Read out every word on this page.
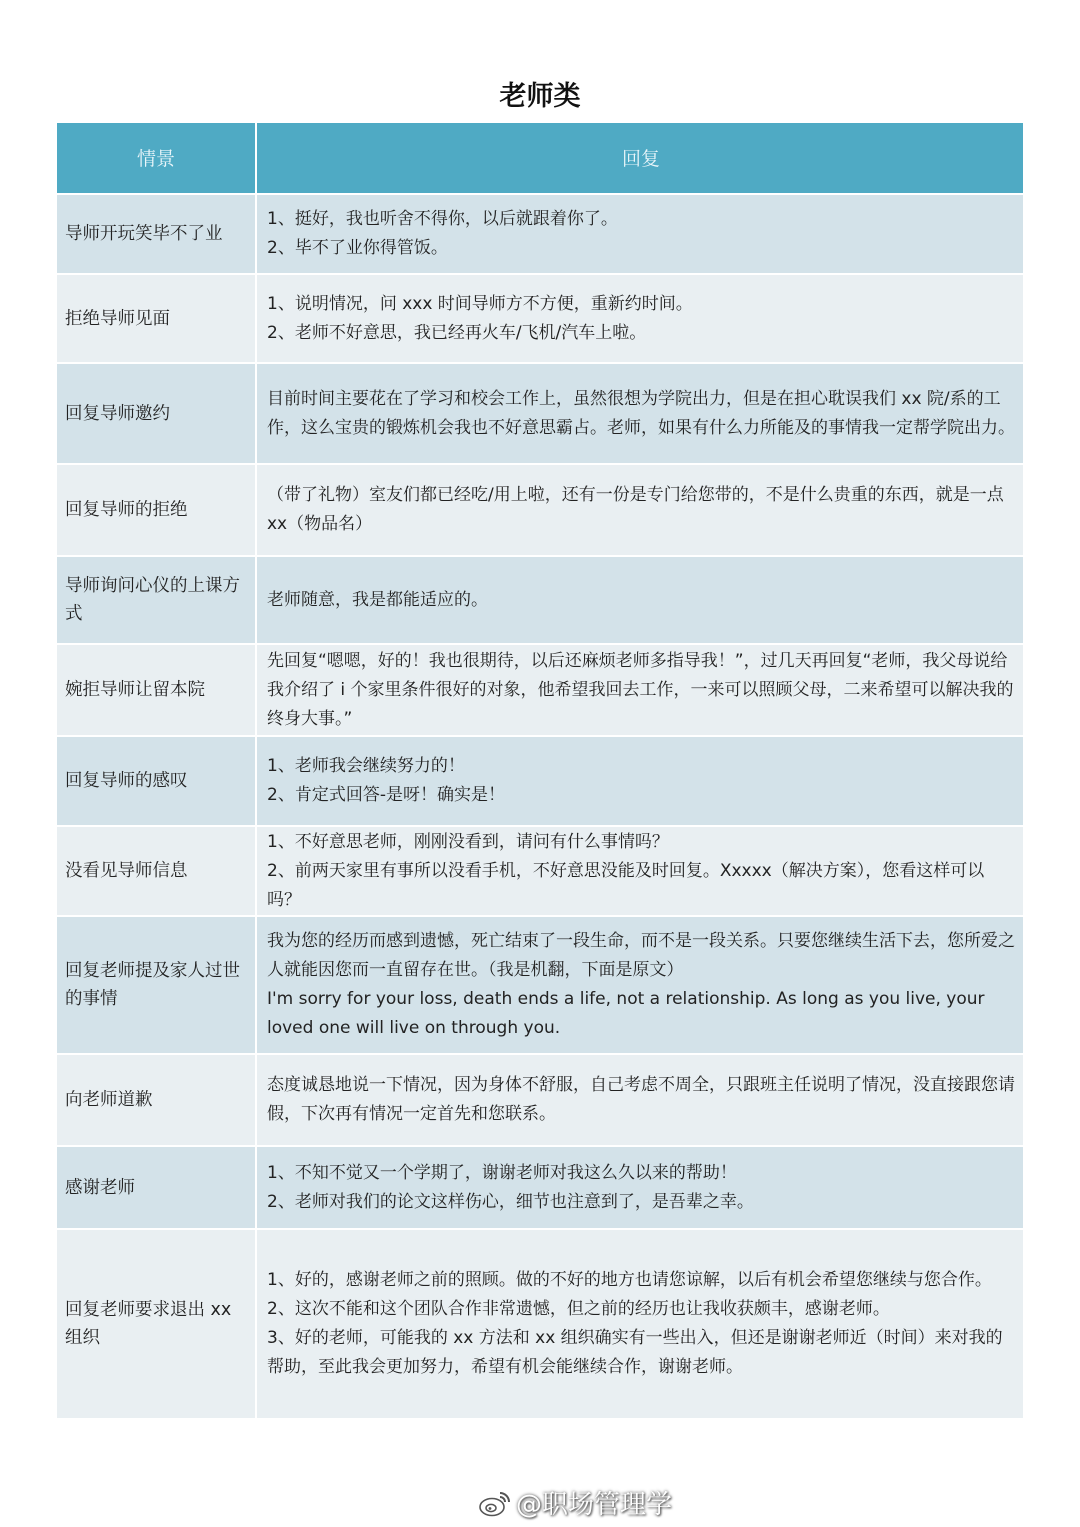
老师类
情景	回复
导师开玩笑毕不了业
1、挺好，我也听舍不得你，以后就跟着你了。
2、毕不了业你得管饭。
拒绝导师见面
1、说明情况，问 xxx 时间导师方不方便，重新约时间。
2、老师不好意思，我已经再火车/飞机/汽车上啦。
回复导师邀约
目前时间主要花在了学习和校会工作上，虽然很想为学院出力，但是在担心耽误我们 xx 院/系的工作，这么宝贵的锻炼机会我也不好意思霸占。老师，如果有什么力所能及的事情我一定帮学院出力。
回复导师的拒绝
（带了礼物）室友们都已经吃/用上啦，还有一份是专门给您带的，不是什么贵重的东西，就是一点 xx（物品名）
导师询问心仪的上课方式
老师随意，我是都能适应的。
婉拒导师让留本院
先回复“嗯嗯，好的！我也很期待，以后还麻烦老师多指导我！”，过几天再回复“老师，我父母说给我介绍了 i 个家里条件很好的对象，他希望我回去工作，一来可以照顾父母，二来希望可以解决我的终身大事。”
回复导师的感叹
1、老师我会继续努力的！
2、肯定式回答-是呀！确实是！
没看见导师信息
1、不好意思老师，刚刚没看到，请问有什么事情吗？
2、前两天家里有事所以没看手机，不好意思没能及时回复。Xxxxx（解决方案），您看这样可以吗？
回复老师提及家人过世的事情
我为您的经历而感到遗憾，死亡结束了一段生命，而不是一段关系。只要您继续生活下去，您所爱之人就能因您而一直留存在世。（我是机翻，下面是原文）
I'm sorry for your loss, death ends a life, not a relationship. As long as you live, your loved one will live on through you.
向老师道歉
态度诚恳地说一下情况，因为身体不舒服，自己考虑不周全，只跟班主任说明了情况，没直接跟您请假，下次再有情况一定首先和您联系。
感谢老师
1、不知不觉又一个学期了，谢谢老师对我这么久以来的帮助！
2、老师对我们的论文这样伤心，细节也注意到了，是吾辈之幸。
回复老师要求退出 xx 组织
1、好的，感谢老师之前的照顾。做的不好的地方也请您谅解，以后有机会希望您继续与您合作。
2、这次不能和这个团队合作非常遗憾，但之前的经历也让我收获颇丰，感谢老师。
3、好的老师，可能我的 xx 方法和 xx 组织确实有一些出入，但还是谢谢老师近（时间）来对我的帮助，至此我会更加努力，希望有机会能继续合作，谢谢老师。
@职场管理学
